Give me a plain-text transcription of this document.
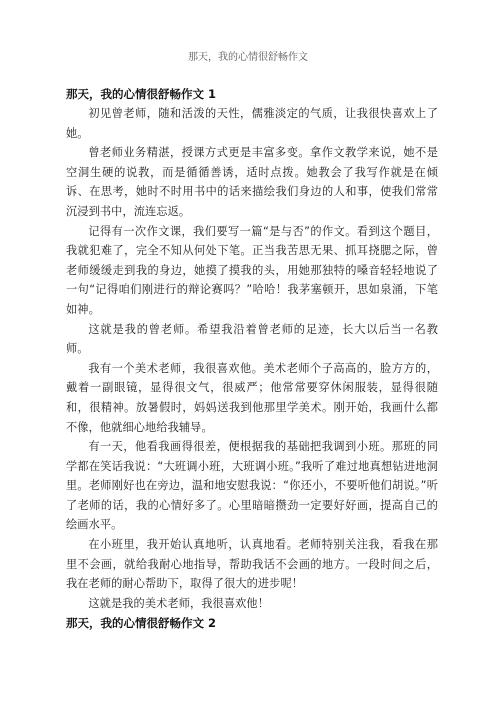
那天，我的心情很舒畅作文

那天，我的心情很舒畅作文 1

初见曾老师，随和活泼的天性，儒雅淡定的气质，让我很快喜欢上了她。

曾老师业务精湛，授课方式更是丰富多变。拿作文教学来说，她不是空洞生硬的说教，而是循循善诱，适时点拨。她教会了我写作就是在倾诉、在思考，她时不时用书中的话来描绘我们身边的人和事，使我们常常沉浸到书中，流连忘返。

记得有一次作文课，我们要写一篇“是与否”的作文。看到这个题目，我就犯难了，完全不知从何处下笔。正当我苦思无果、抓耳挠腮之际，曾老师缓缓走到我的身边，她摸了摸我的头，用她那独特的嗓音轻轻地说了一句“记得咱们刚进行的辩论赛吗？”哈哈！我茅塞顿开，思如泉涌，下笔如神。

这就是我的曾老师。希望我沿着曾老师的足迹，长大以后当一名教师。

我有一个美术老师，我很喜欢他。美术老师个子高高的，脸方方的，戴着一副眼镜，显得很文气，很威严；他常常要穿休闲服装，显得很随和，很精神。放暑假时，妈妈送我到他那里学美术。刚开始，我画什么都不像，他就细心地给我辅导。

有一天，他看我画得很差，便根据我的基础把我调到小班。那班的同学都在笑话我说：“大班调小班，大班调小班。”我听了难过地真想钻进地洞里。老师刚好也在旁边，温和地安慰我说：“你还小，不要听他们胡说。”听了老师的话，我的心情好多了。心里暗暗攒劲一定要好好画，提高自己的绘画水平。

在小班里，我开始认真地听，认真地看。老师特别关注我，看我在那里不会画，就给我耐心地指导，帮助我话不会画的地方。一段时间之后，我在老师的耐心帮助下，取得了很大的进步呢！

这就是我的美术老师，我很喜欢他！

那天，我的心情很舒畅作文 2
